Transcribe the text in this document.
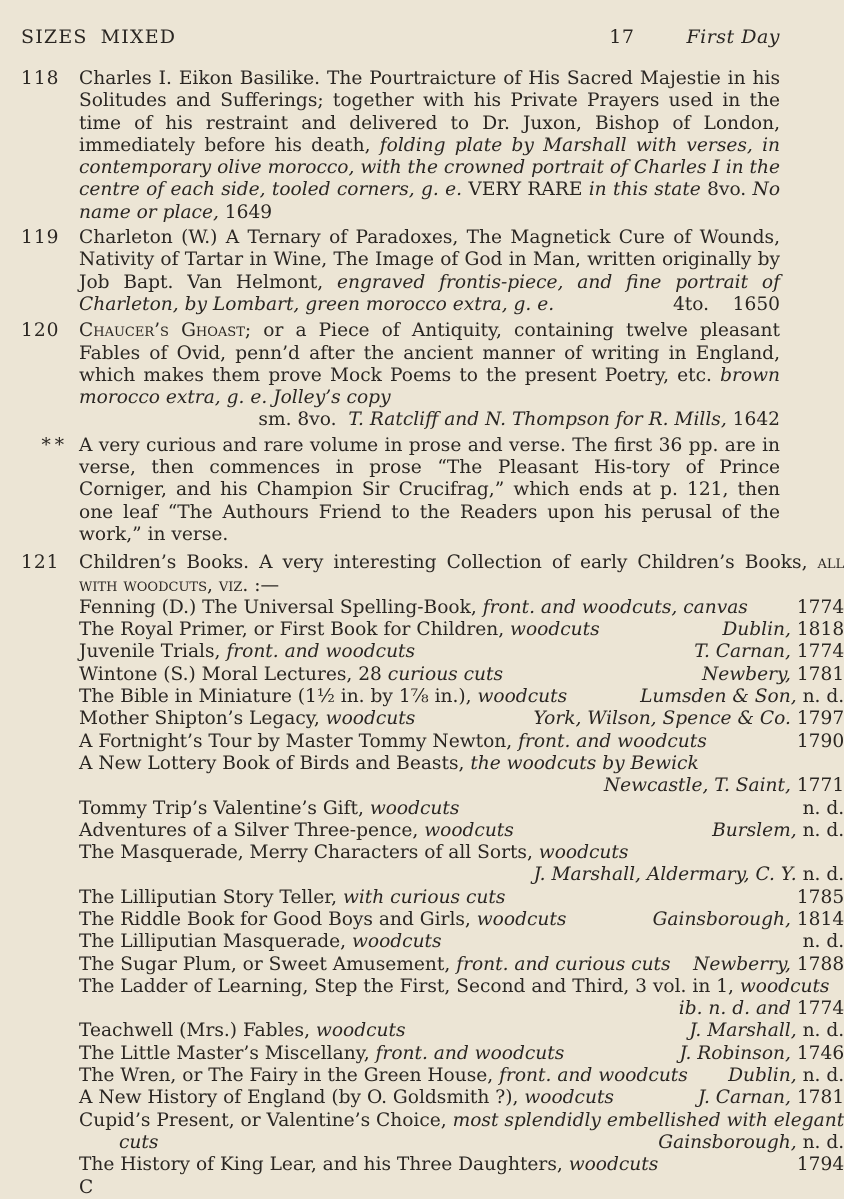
SIZES MIXED	17	First Day
118	Charles I. Eikon Basilike. The Pourtraicture of His Sacred Majestie in his Solitudes and Sufferings; together with his Private Prayers used in the time of his restraint and delivered to Dr. Juxon, Bishop of London, immediately before his death, folding plate by Marshall with verses, in contemporary olive morocco, with the crowned portrait of Charles I in the centre of each side, tooled corners, g. e. VERY RARE in this state 8vo. No name or place, 1649

119	Charleton (W.) A Ternary of Paradoxes, The Magnetick Cure of Wounds, Nativity of Tartar in Wine, The Image of God in Man, written originally by Job Bapt. Van Helmont, engraved frontis-piece, and fine portrait of Charleton, by Lombart, green morocco extra, g. e.	4to.    1650

120	Chaucer’s Ghoast; or a Piece of Antiquity, containing twelve pleasant Fables of Ovid, penn’d after the ancient manner of writing in England, which makes them prove Mock Poems to the present Poetry, etc. brown morocco extra, g. e. Jolley’s copy

sm. 8vo. T. Ratcliff and N. Thompson for R. Mills, 1642

* * A very curious and rare volume in prose and verse. The first 36 pp. are in verse, then commences in prose “The Pleasant His-tory of Prince Corniger, and his Champion Sir Crucifrag,” which ends at p. 121, then one leaf “The Authours Friend to the Readers upon his perusal of the work,” in verse.
121	Children’s Books. A very interesting Collection of early Children’s Books, all with woodcuts, viz. :—

Fenning (D.) The Universal Spelling-Book, front. and woodcuts, canvas	1774
The Royal Primer, or First Book for Children, woodcuts	Dublin, 1818
Juvenile Trials, front. and woodcuts	T. Carnan, 1774
Wintone (S.) Moral Lectures, 28 curious cuts	Newbery, 1781
The Bible in Miniature (1½ in. by 1⅞ in.), woodcuts	Lumsden & Son, n. d.
Mother Shipton’s Legacy, woodcuts	York, Wilson, Spence & Co. 1797
A Fortnight’s Tour by Master Tommy Newton, front. and woodcuts	1790
A New Lottery Book of Birds and Beasts, the woodcuts by Bewick
Newcastle, T. Saint, 1771
Tommy Trip’s Valentine’s Gift, woodcuts	n. d.
Adventures of a Silver Three-pence, woodcuts	Burslem, n. d.
The Masquerade, Merry Characters of all Sorts, woodcuts
J. Marshall, Aldermary, C. Y. n. d.
The Lilliputian Story Teller, with curious cuts	1785
The Riddle Book for Good Boys and Girls, woodcuts	Gainsborough, 1814
The Lilliputian Masquerade, woodcuts	n. d.
The Sugar Plum, or Sweet Amusement, front. and curious cuts Newberry, 1788
The Ladder of Learning, Step the First, Second and Third, 3 vol. in 1, woodcuts
ib. n. d. and 1774
Teachwell (Mrs.) Fables, woodcuts	J. Marshall, n. d.
The Little Master’s Miscellany, front. and woodcuts	J. Robinson, 1746
The Wren, or The Fairy in the Green House, front. and woodcuts Dublin, n. d.
A New History of England (by O. Goldsmith ?), woodcuts	J. Carnan, 1781
Cupid’s Present, or Valentine’s Choice, most splendidly embellished with elegant
cuts	Gainsborough, n. d.
The History of King Lear, and his Three Daughters, woodcuts	1794
C
